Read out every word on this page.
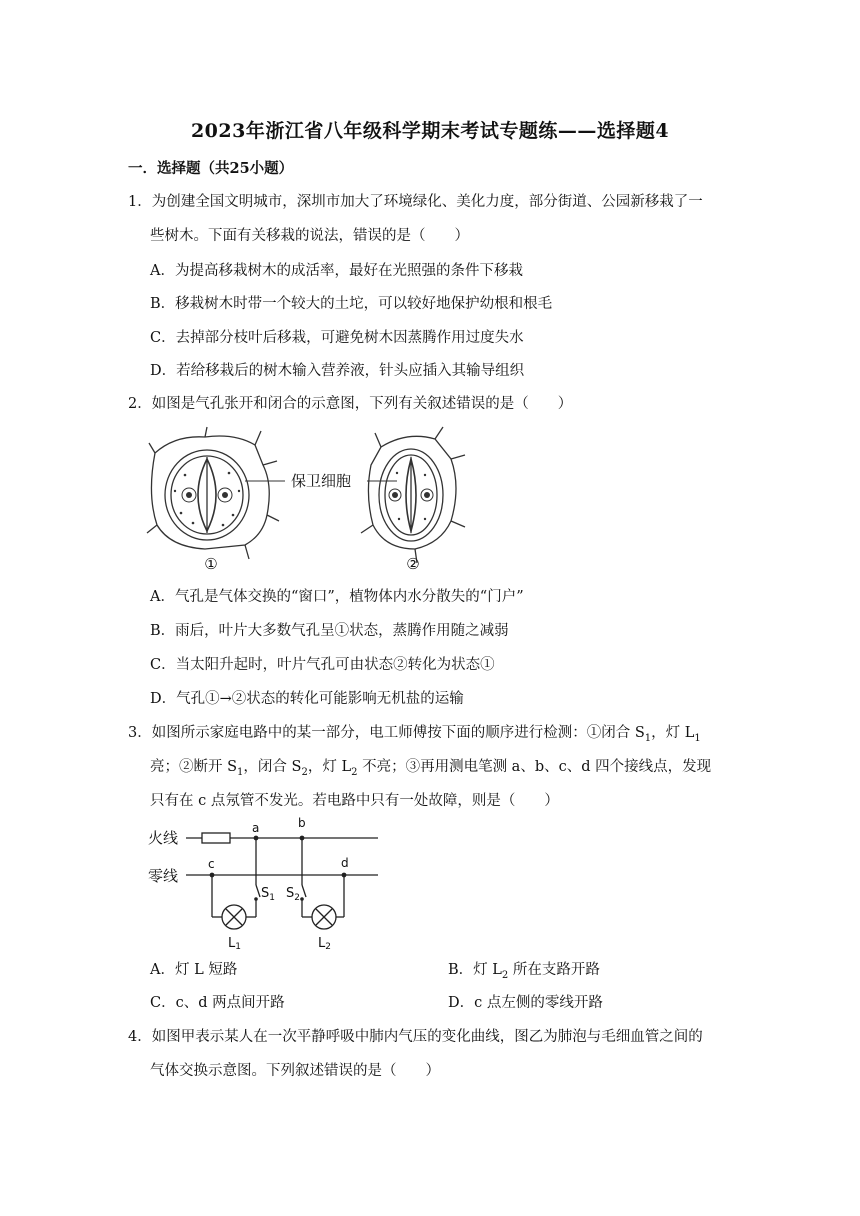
2023年浙江省八年级科学期末考试专题练——选择题4
一．选择题（共25小题）
1．为创建全国文明城市，深圳市加大了环境绿化、美化力度，部分街道、公园新移栽了一
些树木。下面有关移栽的说法，错误的是（　　）
A．为提高移栽树木的成活率，最好在光照强的条件下移栽
B．移栽树木时带一个较大的土坨，可以较好地保护幼根和根毛
C．去掉部分枝叶后移栽，可避免树木因蒸腾作用过度失水
D．若给移栽后的树木输入营养液，针头应插入其输导组织
2．如图是气孔张开和闭合的示意图，下列有关叙述错误的是（　　）
保卫细胞
①	②
A．气孔是气体交换的“窗口”，植物体内水分散失的“门户”
B．雨后，叶片大多数气孔呈①状态，蒸腾作用随之减弱
C．当太阳升起时，叶片气孔可由状态②转化为状态①
D．气孔①→②状态的转化可能影响无机盐的运输
3．如图所示家庭电路中的某一部分，电工师傅按下面的顺序进行检测：①闭合 $S_1$，灯 $L_1$
亮；②断开 $S_1$，闭合 $S_2$，灯 $L_2$ 不亮；③再用测电笔测 a、b、c、d 四个接线点，发现
只有在 c 点氖管不发光。若电路中只有一处故障，则是（　　）
火线
零线
a	b
c	d
$S_1$ $S_2$
L1	L2
A．灯 L 短路	B．灯 $L_2$ 所在支路开路
C．c、d 两点间开路	D．c 点左侧的零线开路
4．如图甲表示某人在一次平静呼吸中肺内气压的变化曲线，图乙为肺泡与毛细血管之间的
气体交换示意图。下列叙述错误的是（　　）
